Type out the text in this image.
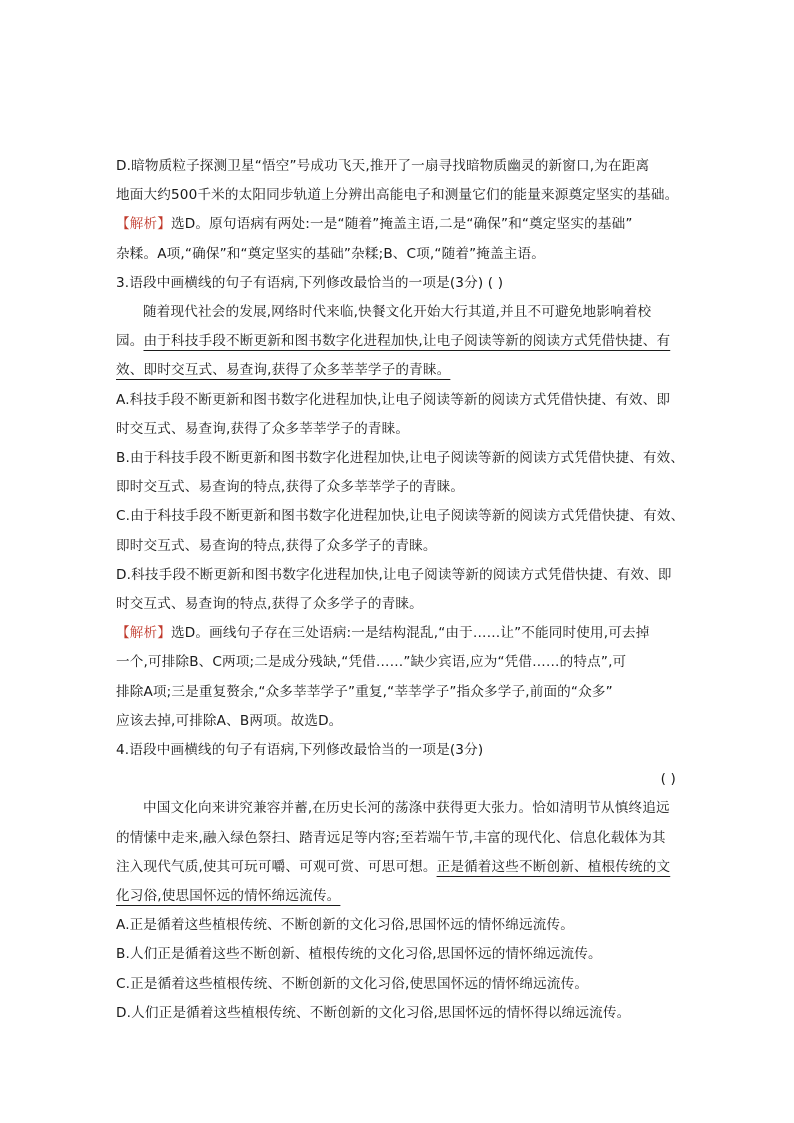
D.暗物质粒子探测卫星“悟空”号成功飞天,推开了一扇寻找暗物质幽灵的新窗口,为在距离
地面大约500千米的太阳同步轨道上分辨出高能电子和测量它们的能量来源奠定坚实的基础。
【解析】选D。原句语病有两处:一是“随着”掩盖主语,二是“确保”和“奠定坚实的基础”
杂糅。A项,“确保”和“奠定坚实的基础”杂糅;B、C项,“随着”掩盖主语。
3.语段中画横线的句子有语病,下列修改最恰当的一项是(3分) ( )
随着现代社会的发展,网络时代来临,快餐文化开始大行其道,并且不可避免地影响着校
园。由于科技手段不断更新和图书数字化进程加快,让电子阅读等新的阅读方式凭借快捷、有
效、即时交互式、易查询,获得了众多莘莘学子的青睐。
A.科技手段不断更新和图书数字化进程加快,让电子阅读等新的阅读方式凭借快捷、有效、即
时交互式、易查询,获得了众多莘莘学子的青睐。
B.由于科技手段不断更新和图书数字化进程加快,让电子阅读等新的阅读方式凭借快捷、有效、
即时交互式、易查询的特点,获得了众多莘莘学子的青睐。
C.由于科技手段不断更新和图书数字化进程加快,让电子阅读等新的阅读方式凭借快捷、有效、
即时交互式、易查询的特点,获得了众多学子的青睐。
D.科技手段不断更新和图书数字化进程加快,让电子阅读等新的阅读方式凭借快捷、有效、即
时交互式、易查询的特点,获得了众多学子的青睐。
【解析】选D。画线句子存在三处语病:一是结构混乱,“由于……让”不能同时使用,可去掉
一个,可排除B、C两项;二是成分残缺,“凭借……”缺少宾语,应为“凭借……的特点”,可
排除A项;三是重复赘余,“众多莘莘学子”重复,“莘莘学子”指众多学子,前面的“众多”
应该去掉,可排除A、B两项。故选D。
4.语段中画横线的句子有语病,下列修改最恰当的一项是(3分)
( )
中国文化向来讲究兼容并蓄,在历史长河的荡涤中获得更大张力。恰如清明节从慎终追远
的情愫中走来,融入绿色祭扫、踏青远足等内容;至若端午节,丰富的现代化、信息化载体为其
注入现代气质,使其可玩可嚼、可观可赏、可思可想。正是循着这些不断创新、植根传统的文
化习俗,使思国怀远的情怀绵远流传。
A.正是循着这些植根传统、不断创新的文化习俗,思国怀远的情怀绵远流传。
B.人们正是循着这些不断创新、植根传统的文化习俗,思国怀远的情怀绵远流传。
C.正是循着这些植根传统、不断创新的文化习俗,使思国怀远的情怀绵远流传。
D.人们正是循着这些植根传统、不断创新的文化习俗,思国怀远的情怀得以绵远流传。
